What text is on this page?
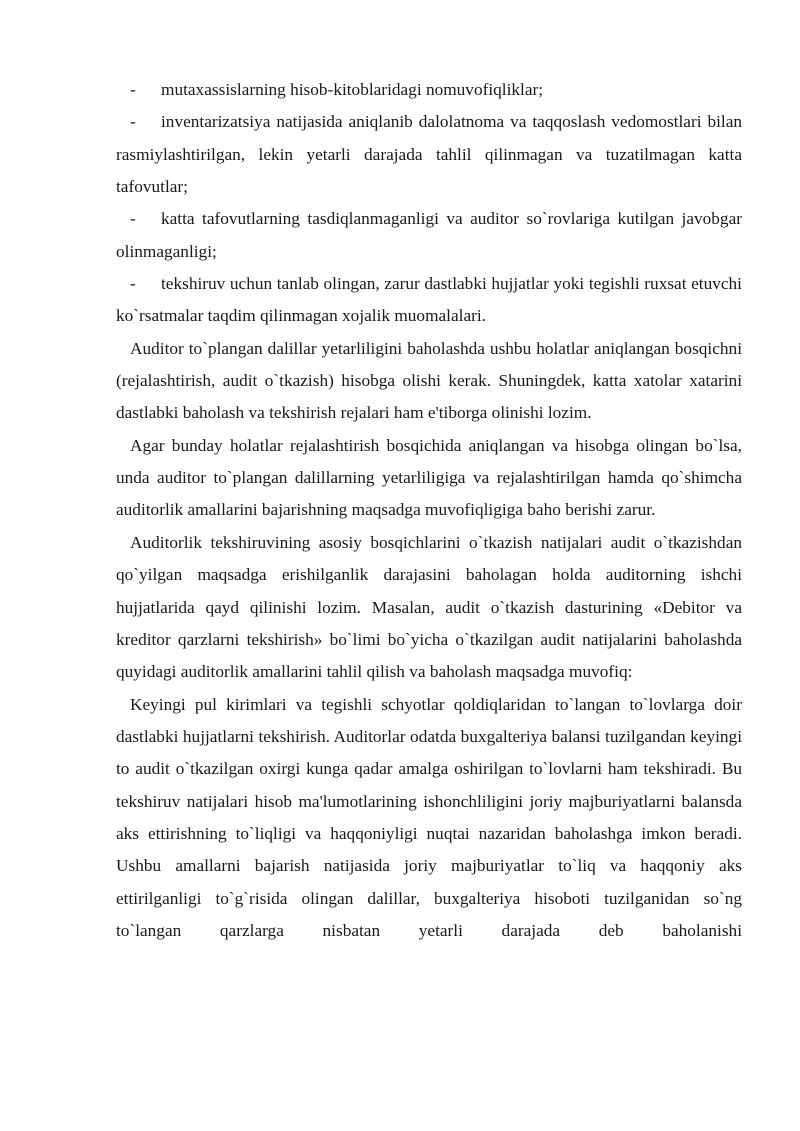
- mutaxassislarning hisob-kitoblaridagi nomuvofiqliklar;

- inventarizatsiya natijasida aniqlanib dalolatnoma va taqqoslash vedomostlari bilan rasmiylashtirilgan, lekin yetarli darajada tahlil qilinmagan va tuzatilmagan katta tafovutlar;

- katta tafovutlarning tasdiqlanmaganligi va auditor so`rovlariga kutilgan javobgar olinmaganligi;

- tekshiruv uchun tanlab olingan, zarur dastlabki hujjatlar yoki tegishli ruxsat etuvchi ko`rsatmalar taqdim qilinmagan xojalik muomalalari.

Auditor to`plangan dalillar yetarliligini baholashda ushbu holatlar aniqlangan bosqichni (rejalashtirish, audit o`tkazish) hisobga olishi kerak. Shuningdek, katta xatolar xatarini dastlabki baholash va tekshirish rejalari ham e'tiborga olinishi lozim.

Agar bunday holatlar rejalashtirish bosqichida aniqlangan va hisobga olingan bo`lsa, unda auditor to`plangan dalillarning yetarliligiga va rejalashtirilgan hamda qo`shimcha auditorlik amallarini bajarishning maqsadga muvofiqligiga baho berishi zarur.

Auditorlik tekshiruvining asosiy bosqichlarini o`tkazish natijalari audit o`tkazishdan qo`yilgan maqsadga erishilganlik darajasini baholagan holda auditorning ishchi hujjatlarida qayd qilinishi lozim. Masalan, audit o`tkazish dasturining «Debitor va kreditor qarzlarni tekshirish» bo`limi bo`yicha o`tkazilgan audit natijalarini baholashda quyidagi auditorlik amallarini tahlil qilish va baholash maqsadga muvofiq:

Keyingi pul kirimlari va tegishli schyotlar qoldiqlaridan to`langan to`lovlarga doir dastlabki hujjatlarni tekshirish. Auditorlar odatda buxgalteriya balansi tuzilgandan keyingi to audit o`tkazilgan oxirgi kunga qadar amalga oshirilgan to`lovlarni ham tekshiradi. Bu tekshiruv natijalari hisob ma'lumotlarining ishonchliligini joriy majburiyatlarni balansda aks ettirishning to`liqligi va haqqoniyligi nuqtai nazaridan baholashga imkon beradi. Ushbu amallarni bajarish natijasida joriy majburiyatlar to`liq va haqqoniy aks ettirilganligi to`g`risida olingan dalillar, buxgalteriya hisoboti tuzilganidan so`ng to`langan qarzlarga nisbatan yetarli darajada deb baholanishi
